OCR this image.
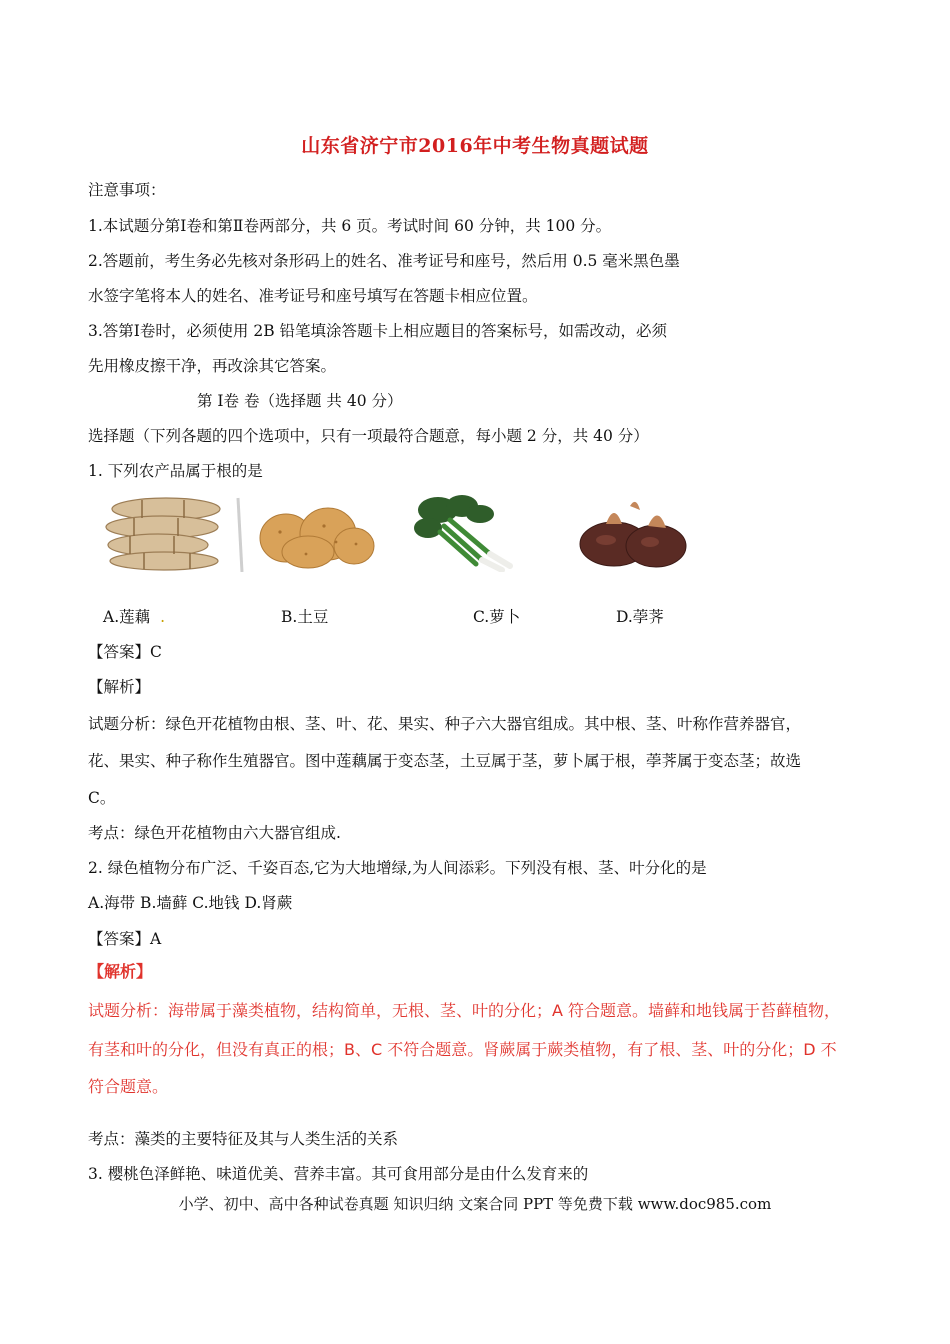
山东省济宁市2016年中考生物真题试题
注意事项：
1.本试题分第Ⅰ卷和第Ⅱ卷两部分，共 6 页。考试时间 60 分钟，共 100 分。
2.答题前，考生务必先核对条形码上的姓名、准考证号和座号，然后用 0.5 毫米黑色墨
水签字笔将本人的姓名、准考证号和座号填写在答题卡相应位置。
3.答第Ⅰ卷时，必须使用 2B 铅笔填涂答题卡上相应题目的答案标号，如需改动，必须
先用橡皮擦干净，再改涂其它答案。
第 Ⅰ卷 卷（选择题 共 40 分）
选择题（下列各题的四个选项中，只有一项最符合题意，每小题 2 分，共 40 分）
1. 下列农产品属于根的是
A.莲藕 .	B.土豆	C.萝卜	D.荸荠
【答案】C
【解析】
试题分析：绿色开花植物由根、茎、叶、花、果实、种子六大器官组成。其中根、茎、叶称作营养器官，
花、果实、种子称作生殖器官。图中莲藕属于变态茎，土豆属于茎，萝卜属于根，荸荠属于变态茎；故选
C。
考点：绿色开花植物由六大器官组成.
2. 绿色植物分布广泛、千姿百态,它为大地增绿,为人间添彩。下列没有根、茎、叶分化的是
A.海带 B.墙藓 C.地钱 D.肾蕨
【答案】A
【解析】
试题分析：海带属于藻类植物，结构简单，无根、茎、叶的分化；A 符合题意。墙藓和地钱属于苔藓植物，
有茎和叶的分化，但没有真正的根；B、C 不符合题意。肾蕨属于蕨类植物，有了根、茎、叶的分化；D 不
符合题意。
考点：藻类的主要特征及其与人类生活的关系
3. 樱桃色泽鲜艳、味道优美、营养丰富。其可食用部分是由什么发育来的
小学、初中、高中各种试卷真题 知识归纳 文案合同 PPT 等免费下载 www.doc985.com
